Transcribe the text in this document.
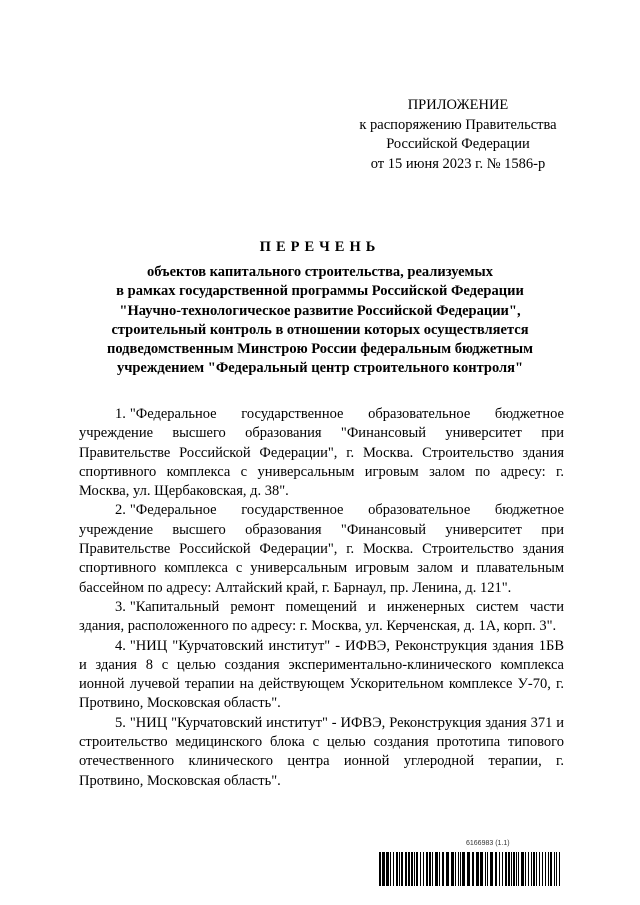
ПРИЛОЖЕНИЕ
к распоряжению Правительства
Российской Федерации
от 15 июня 2023 г. № 1586-р
ПЕРЕЧЕНЬ
объектов капитального строительства, реализуемых
в рамках государственной программы Российской Федерации
"Научно-технологическое развитие Российской Федерации",
строительный контроль в отношении которых осуществляется
подведомственным Минстрою России федеральным бюджетным
учреждением "Федеральный центр строительного контроля"

1. "Федеральное государственное образовательное бюджетное учреждение высшего образования "Финансовый университет при Правительстве Российской Федерации", г. Москва. Строительство здания спортивного комплекса с универсальным игровым залом по адресу: г. Москва, ул. Щербаковская, д. 38".

2. "Федеральное государственное образовательное бюджетное учреждение высшего образования "Финансовый университет при Правительстве Российской Федерации", г. Москва. Строительство здания спортивного комплекса с универсальным игровым залом и плавательным бассейном по адресу: Алтайский край, г. Барнаул, пр. Ленина, д. 121".

3. "Капитальный ремонт помещений и инженерных систем части здания, расположенного по адресу: г. Москва, ул. Керченская, д. 1А, корп. 3".

4. "НИЦ "Курчатовский институт" - ИФВЭ, Реконструкция здания 1БВ и здания 8 с целью создания экспериментально-клинического комплекса ионной лучевой терапии на действующем Ускорительном комплексе У-70, г. Протвино, Московская область".

5. "НИЦ "Курчатовский институт" - ИФВЭ, Реконструкция здания 371 и строительство медицинского блока с целью создания прототипа типового отечественного клинического центра ионной углеродной терапии, г. Протвино, Московская область".

6166983 (1.1)
